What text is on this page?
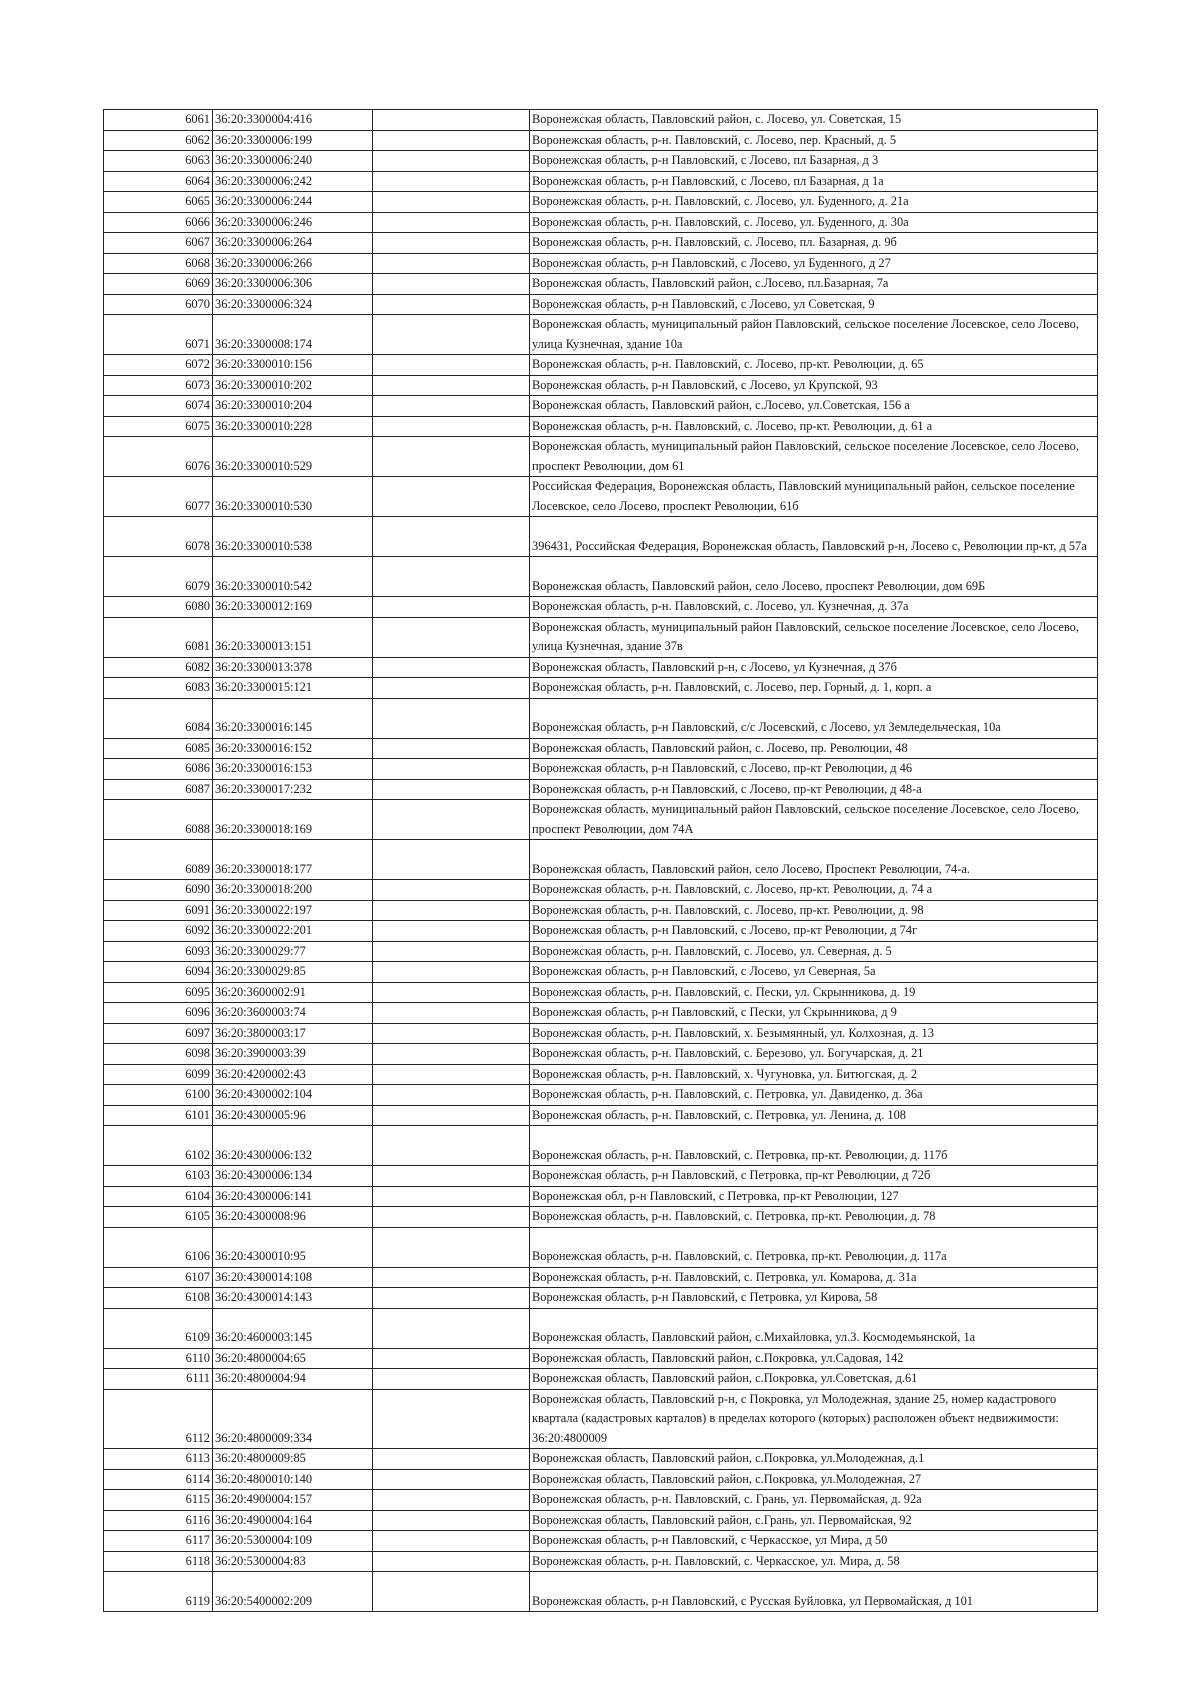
6061	36:20:3300004:416		Воронежская область, Павловский район, с. Лосево, ул. Советская, 15
6062	36:20:3300006:199		Воронежская область, р-н. Павловский, с. Лосево, пер. Красный, д. 5
6063	36:20:3300006:240		Воронежская область, р-н Павловский, с Лосево, пл Базарная, д 3
6064	36:20:3300006:242		Воронежская область, р-н Павловский, с Лосево, пл Базарная, д 1а
6065	36:20:3300006:244		Воронежская область, р-н. Павловский, с. Лосево, ул. Буденного, д. 21а
6066	36:20:3300006:246		Воронежская область, р-н. Павловский, с. Лосево, ул. Буденного, д. 30а
6067	36:20:3300006:264		Воронежская область, р-н. Павловский, с. Лосево, пл. Базарная, д. 9б
6068	36:20:3300006:266		Воронежская область, р-н Павловский, с Лосево, ул Буденного, д 27
6069	36:20:3300006:306		Воронежская область, Павловский район, с.Лосево, пл.Базарная, 7а
6070	36:20:3300006:324		Воронежская область, р-н Павловский, с Лосево, ул Советская, 9
6071	36:20:3300008:174		Воронежская область, муниципальный район Павловский, сельское поселение Лосевское, село Лосево, улица Кузнечная, здание 10а
6072	36:20:3300010:156		Воронежская область, р-н. Павловский, с. Лосево, пр-кт. Революции, д. 65
6073	36:20:3300010:202		Воронежская область, р-н Павловский, с Лосево, ул Крупской, 93
6074	36:20:3300010:204		Воронежская область, Павловский район, с.Лосево, ул.Советская, 156 а
6075	36:20:3300010:228		Воронежская область, р-н. Павловский, с. Лосево, пр-кт. Революции, д. 61 а
6076	36:20:3300010:529		Воронежская область, муниципальный район Павловский, сельское поселение Лосевское, село Лосево, проспект Революции, дом 61
6077	36:20:3300010:530		Российская Федерация, Воронежская область, Павловский муниципальный район, сельское поселение Лосевское, село Лосево, проспект Революции, 61б
6078	36:20:3300010:538		396431, Российская Федерация, Воронежская область, Павловский р-н, Лосево с, Революции пр-кт, д 57а
6079	36:20:3300010:542		Воронежская область, Павловский район, село Лосево, проспект Революции, дом 69Б
6080	36:20:3300012:169		Воронежская область, р-н. Павловский, с. Лосево, ул. Кузнечная, д. 37а
6081	36:20:3300013:151		Воронежская область, муниципальный район Павловский, сельское поселение Лосевское, село Лосево, улица Кузнечная, здание 37в
6082	36:20:3300013:378		Воронежская область, Павловский р-н, с Лосево, ул Кузнечная, д 37б
6083	36:20:3300015:121		Воронежская область, р-н. Павловский, с. Лосево, пер. Горный, д. 1, корп. а
6084	36:20:3300016:145		Воронежская область, р-н Павловский, с/с Лосевский, с Лосево, ул Земледельческая, 10а
6085	36:20:3300016:152		Воронежская область, Павловский район, с. Лосево, пр. Революции, 48
6086	36:20:3300016:153		Воронежская область, р-н Павловский, с Лосево, пр-кт Революции, д 46
6087	36:20:3300017:232		Воронежская область, р-н Павловский, с Лосево, пр-кт Революции, д 48-а
6088	36:20:3300018:169		Воронежская область, муниципальный район Павловский, сельское поселение Лосевское, село Лосево, проспект Революции, дом 74А
6089	36:20:3300018:177		Воронежская область, Павловский район, село Лосево, Проспект Революции, 74-а.
6090	36:20:3300018:200		Воронежская область, р-н. Павловский, с. Лосево, пр-кт. Революции, д. 74 а
6091	36:20:3300022:197		Воронежская область, р-н. Павловский, с. Лосево, пр-кт. Революции, д. 98
6092	36:20:3300022:201		Воронежская область, р-н Павловский, с Лосево, пр-кт Революции, д 74г
6093	36:20:3300029:77		Воронежская область, р-н. Павловский, с. Лосево, ул. Северная, д. 5
6094	36:20:3300029:85		Воронежская область, р-н Павловский, с Лосево, ул Северная, 5а
6095	36:20:3600002:91		Воронежская область, р-н. Павловский, с. Пески, ул. Скрынникова, д. 19
6096	36:20:3600003:74		Воронежская область, р-н Павловский, с Пески, ул Скрынникова, д 9
6097	36:20:3800003:17		Воронежская область, р-н. Павловский, х. Безымянный, ул. Колхозная, д. 13
6098	36:20:3900003:39		Воронежская область, р-н. Павловский, с. Березово, ул. Богучарская, д. 21
6099	36:20:4200002:43		Воронежская область, р-н. Павловский, х. Чугуновка, ул. Битюгская, д. 2
6100	36:20:4300002:104		Воронежская область, р-н. Павловский, с. Петровка, ул. Давиденко, д. 36а
6101	36:20:4300005:96		Воронежская область, р-н. Павловский, с. Петровка, ул. Ленина, д. 108
6102	36:20:4300006:132		Воронежская область, р-н. Павловский, с. Петровка, пр-кт. Революции, д. 117б
6103	36:20:4300006:134		Воронежская область, р-н Павловский, с Петровка, пр-кт Революции, д 72б
6104	36:20:4300006:141		Воронежская обл, р-н Павловский, с Петровка, пр-кт Революции, 127
6105	36:20:4300008:96		Воронежская область, р-н. Павловский, с. Петровка, пр-кт. Революции, д. 78
6106	36:20:4300010:95		Воронежская область, р-н. Павловский, с. Петровка, пр-кт. Революции, д. 117а
6107	36:20:4300014:108		Воронежская область, р-н. Павловский, с. Петровка, ул. Комарова, д. 31а
6108	36:20:4300014:143		Воронежская область, р-н Павловский, с Петровка, ул Кирова, 58
6109	36:20:4600003:145		Воронежская область, Павловский район, с.Михайловка, ул.З. Космодемьянской, 1а
6110	36:20:4800004:65		Воронежская область, Павловский район, с.Покровка, ул.Садовая, 142
6111	36:20:4800004:94		Воронежская область, Павловский район, с.Покровка, ул.Советская, д.61
6112	36:20:4800009:334		Воронежская область, Павловский р-н, с Покровка, ул Молодежная, здание 25, номер кадастрового квартала (кадастровых карталов) в пределах которого (которых) расположен объект недвижимости: 36:20:4800009
6113	36:20:4800009:85		Воронежская область, Павловский район, с.Покровка, ул.Молодежная, д.1
6114	36:20:4800010:140		Воронежская область, Павловский район, с.Покровка, ул.Молодежная, 27
6115	36:20:4900004:157		Воронежская область, р-н. Павловский, с. Грань, ул. Первомайская, д. 92а
6116	36:20:4900004:164		Воронежская область, Павловский район, с.Грань, ул. Первомайская, 92
6117	36:20:5300004:109		Воронежская область, р-н Павловский, с Черкасское, ул Мира, д 50
6118	36:20:5300004:83		Воронежская область, р-н. Павловский, с. Черкасское, ул. Мира, д. 58
6119	36:20:5400002:209		Воронежская область, р-н Павловский, с Русская Буйловка, ул Первомайская, д 101
